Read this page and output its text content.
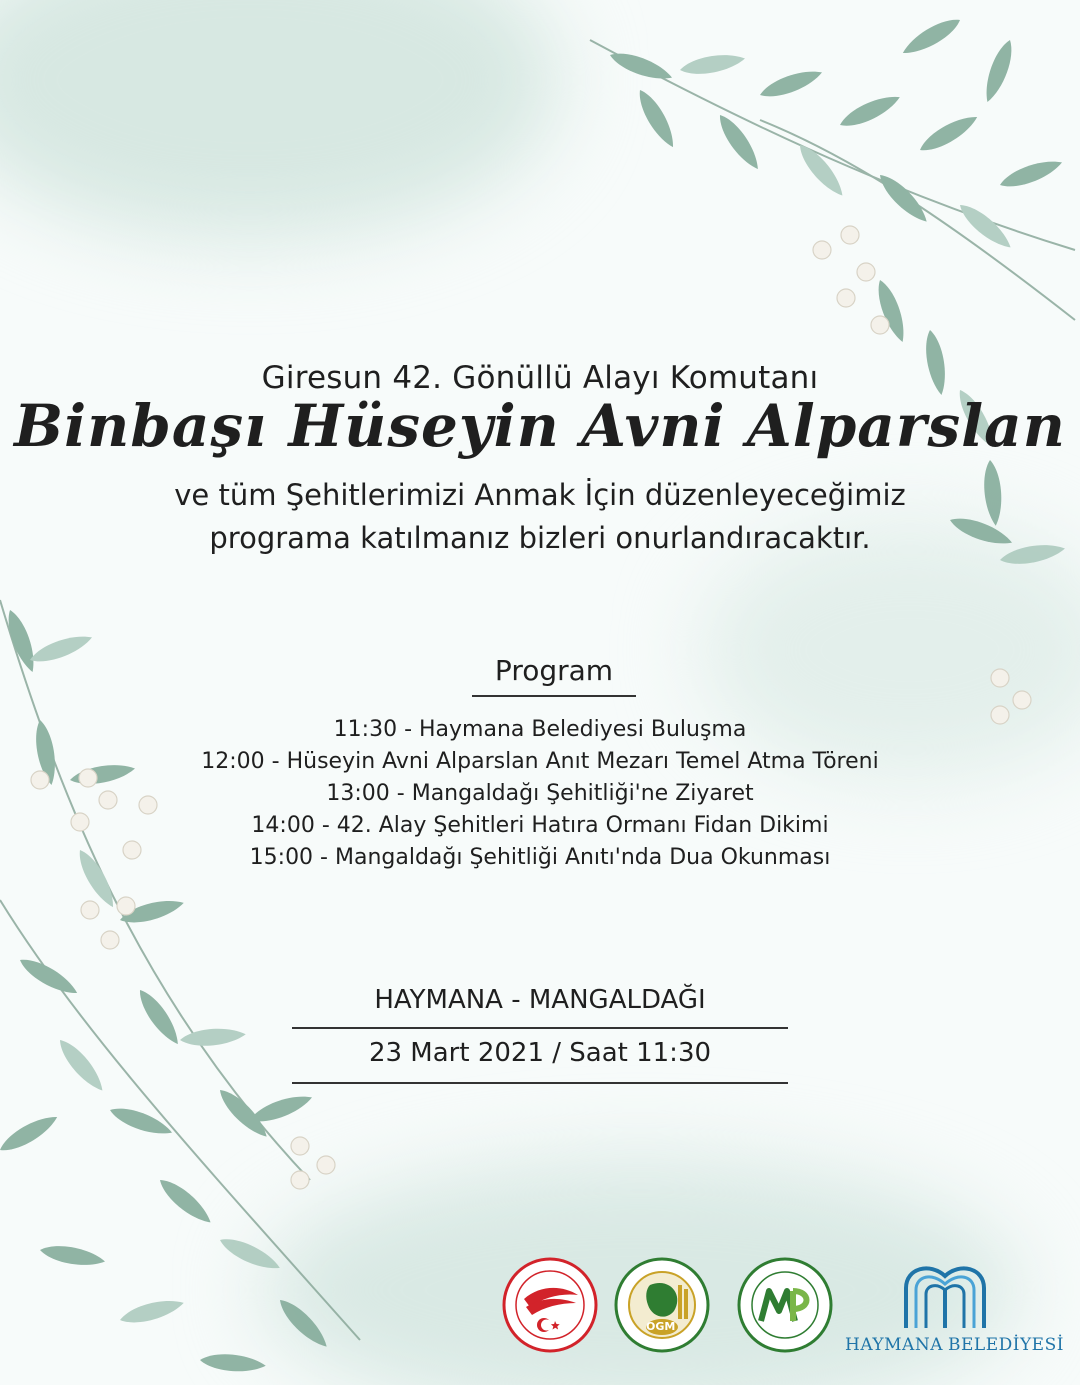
Giresun 42. Gönüllü Alayı Komutanı
Binbaşı Hüseyin Avni Alparslan
ve tüm Şehitlerimizi Anmak İçin düzenleyeceğimiz
programa katılmanız bizleri onurlandıracaktır.
Program
11:30 - Haymana Belediyesi Buluşma
12:00 - Hüseyin Avni Alparslan Anıt Mezarı Temel Atma Töreni
13:00 - Mangaldağı Şehitliği'ne Ziyaret
14:00 - 42. Alay Şehitleri Hatıra Ormanı Fidan Dikimi
15:00 - Mangaldağı Şehitliği Anıtı'nda Dua Okunması
HAYMANA - MANGALDAĞI
23 Mart 2021 / Saat 11:30
OGM
HAYMANA BELEDİYESİ
